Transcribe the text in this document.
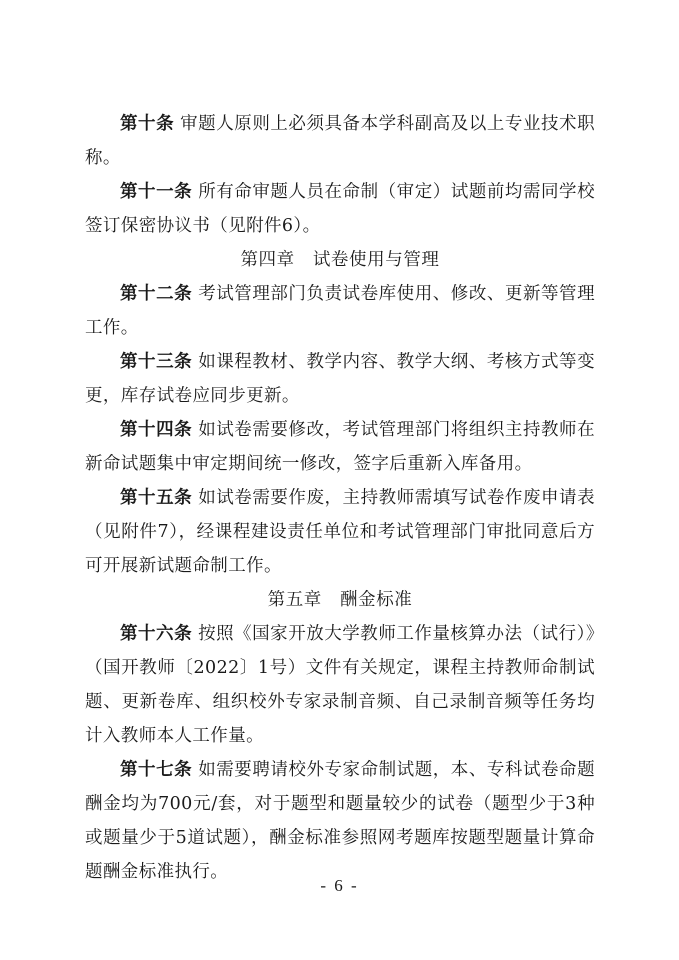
第十条 审题人原则上必须具备本学科副高及以上专业技术职称。

第十一条 所有命审题人员在命制（审定）试题前均需同学校签订保密协议书（见附件6）。

第四章　试卷使用与管理

第十二条 考试管理部门负责试卷库使用、修改、更新等管理工作。

第十三条 如课程教材、教学内容、教学大纲、考核方式等变更，库存试卷应同步更新。

第十四条 如试卷需要修改，考试管理部门将组织主持教师在新命试题集中审定期间统一修改，签字后重新入库备用。

第十五条 如试卷需要作废，主持教师需填写试卷作废申请表（见附件7），经课程建设责任单位和考试管理部门审批同意后方可开展新试题命制工作。

第五章　酬金标准

第十六条 按照《国家开放大学教师工作量核算办法（试行）》（国开教师〔2022〕1号）文件有关规定，课程主持教师命制试题、更新卷库、组织校外专家录制音频、自己录制音频等任务均计入教师本人工作量。

第十七条 如需要聘请校外专家命制试题，本、专科试卷命题酬金均为700元/套，对于题型和题量较少的试卷（题型少于3种或题量少于5道试题），酬金标准参照网考题库按题型题量计算命题酬金标准执行。

- 6 -
